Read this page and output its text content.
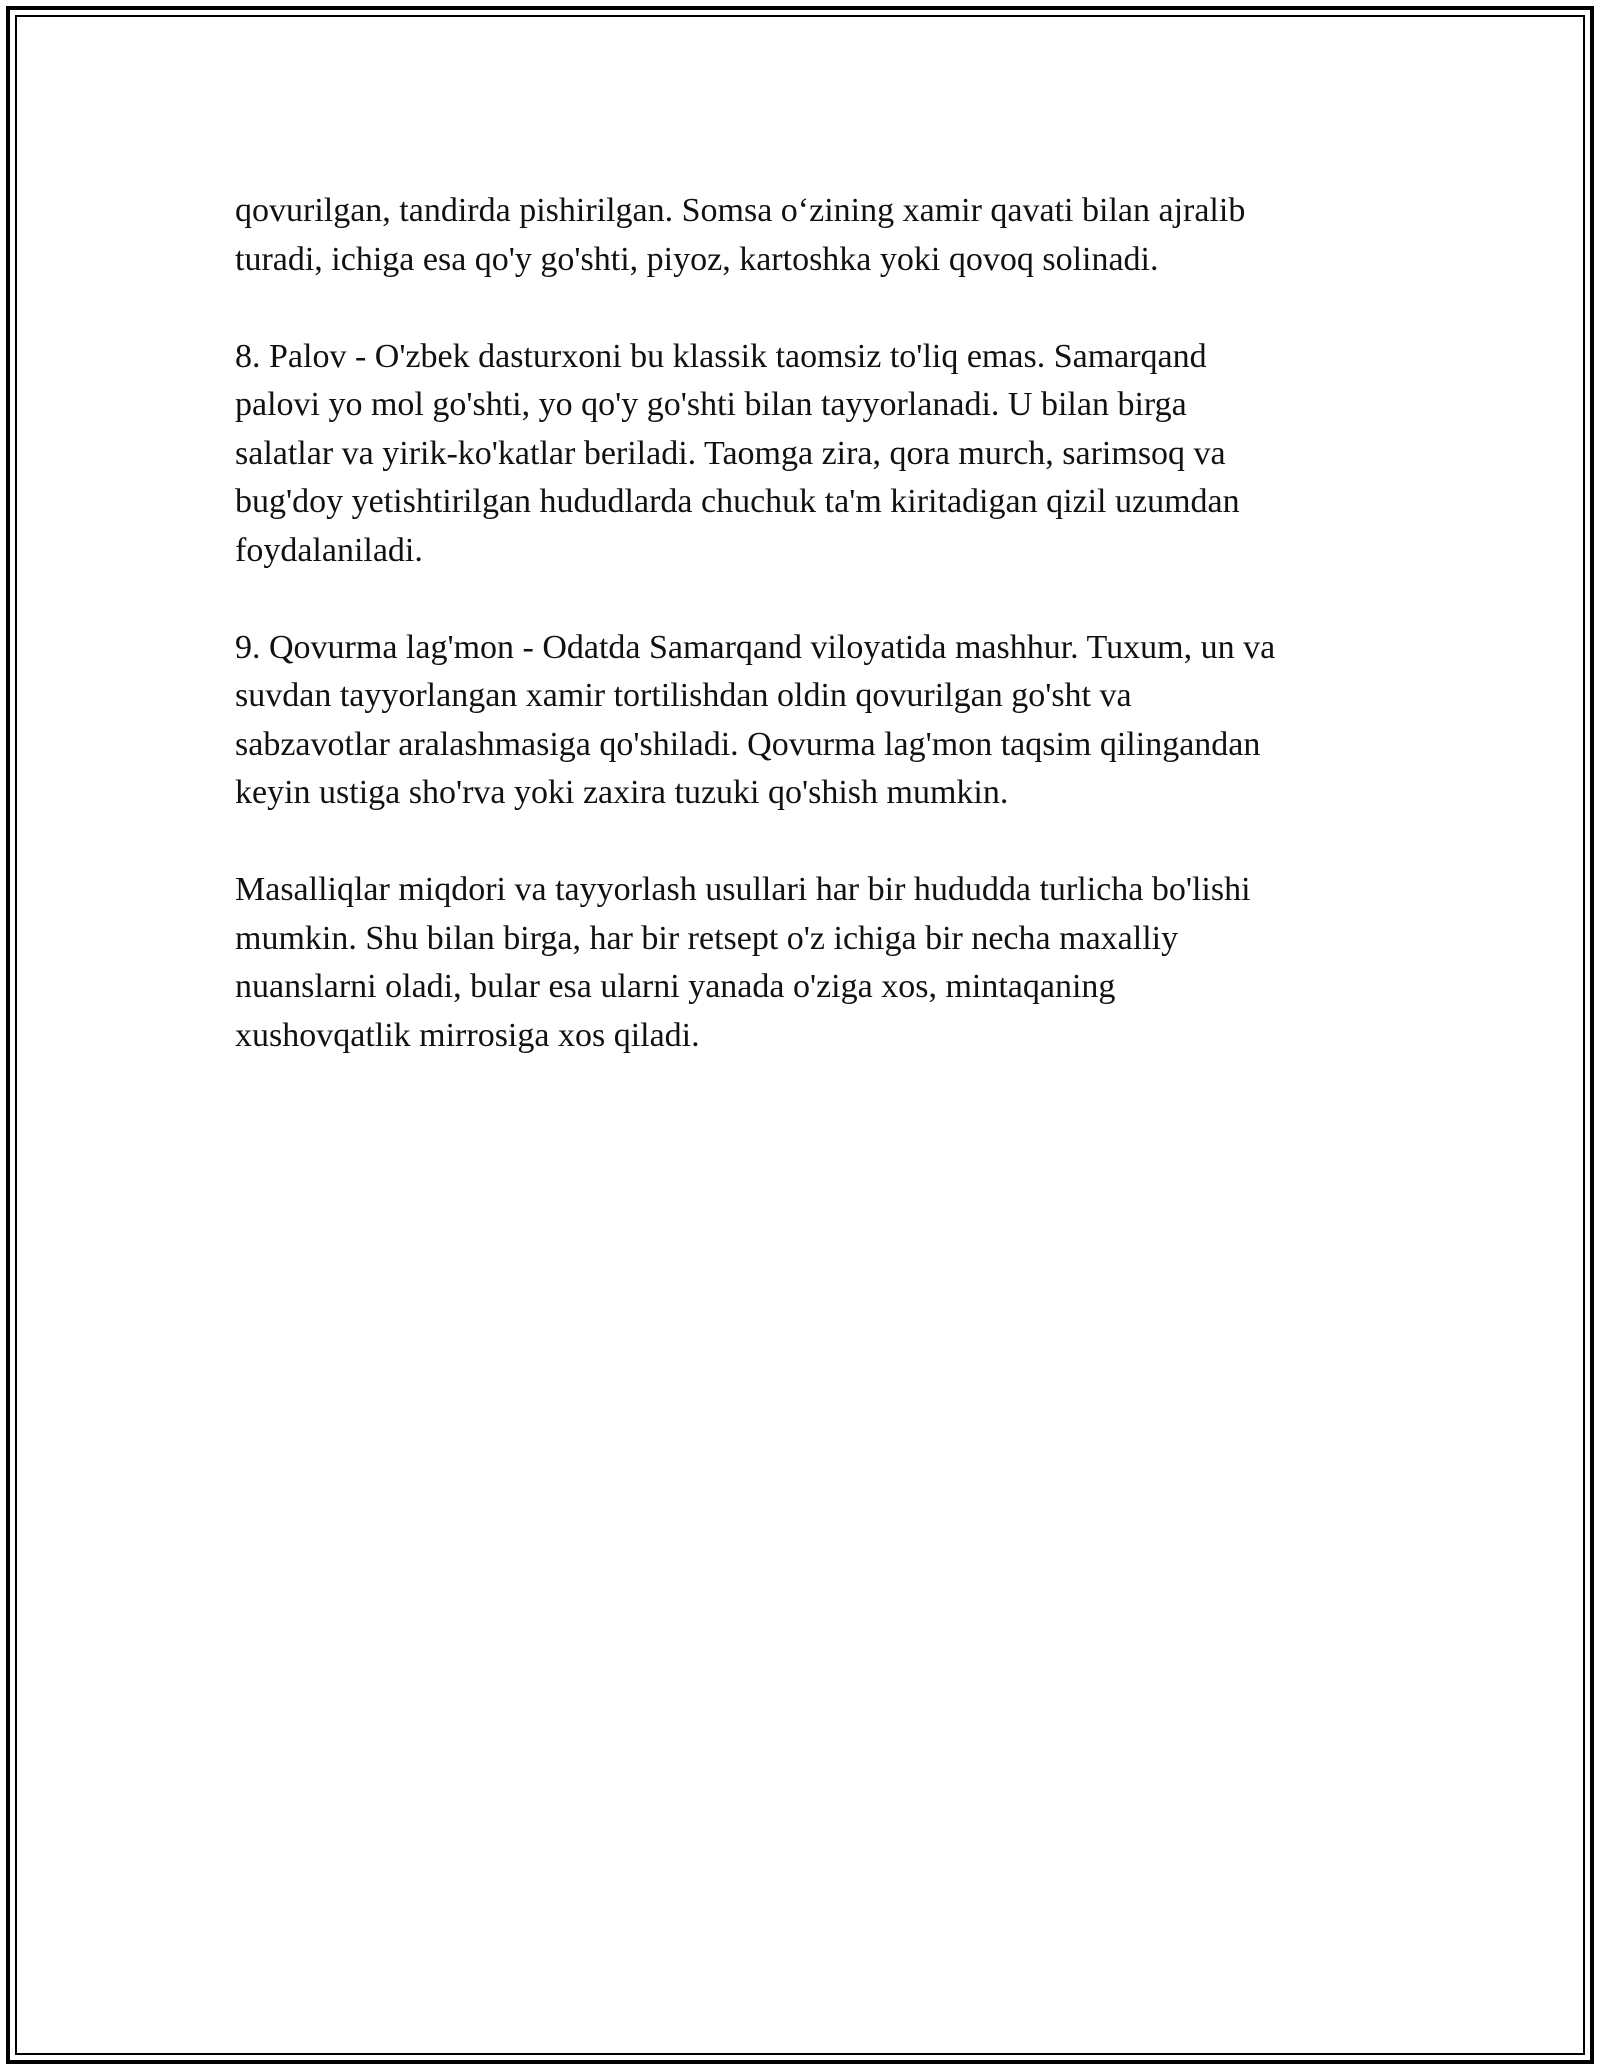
qovurilgan, tandirda pishirilgan. Somsa o‘zining xamir qavati bilan ajralib
turadi, ichiga esa qo'y go'shti, piyoz, kartoshka yoki qovoq solinadi.

8. Palov - O'zbek dasturxoni bu klassik taomsiz to'liq emas. Samarqand
palovi yo mol go'shti, yo qo'y go'shti bilan tayyorlanadi. U bilan birga
salatlar va yirik-ko'katlar beriladi. Taomga zira, qora murch, sarimsoq va
bug'doy yetishtirilgan hududlarda chuchuk ta'm kiritadigan qizil uzumdan
foydalaniladi.

9. Qovurma lag'mon - Odatda Samarqand viloyatida mashhur. Tuxum, un va
suvdan tayyorlangan xamir tortilishdan oldin qovurilgan go'sht va
sabzavotlar aralashmasiga qo'shiladi. Qovurma lag'mon taqsim qilingandan
keyin ustiga sho'rva yoki zaxira tuzuki qo'shish mumkin.

Masalliqlar miqdori va tayyorlash usullari har bir hududda turlicha bo'lishi
mumkin. Shu bilan birga, har bir retsept o'z ichiga bir necha maxalliy
nuanslarni oladi, bular esa ularni yanada o'ziga xos, mintaqaning
xushovqatlik mirrosiga xos qiladi.
